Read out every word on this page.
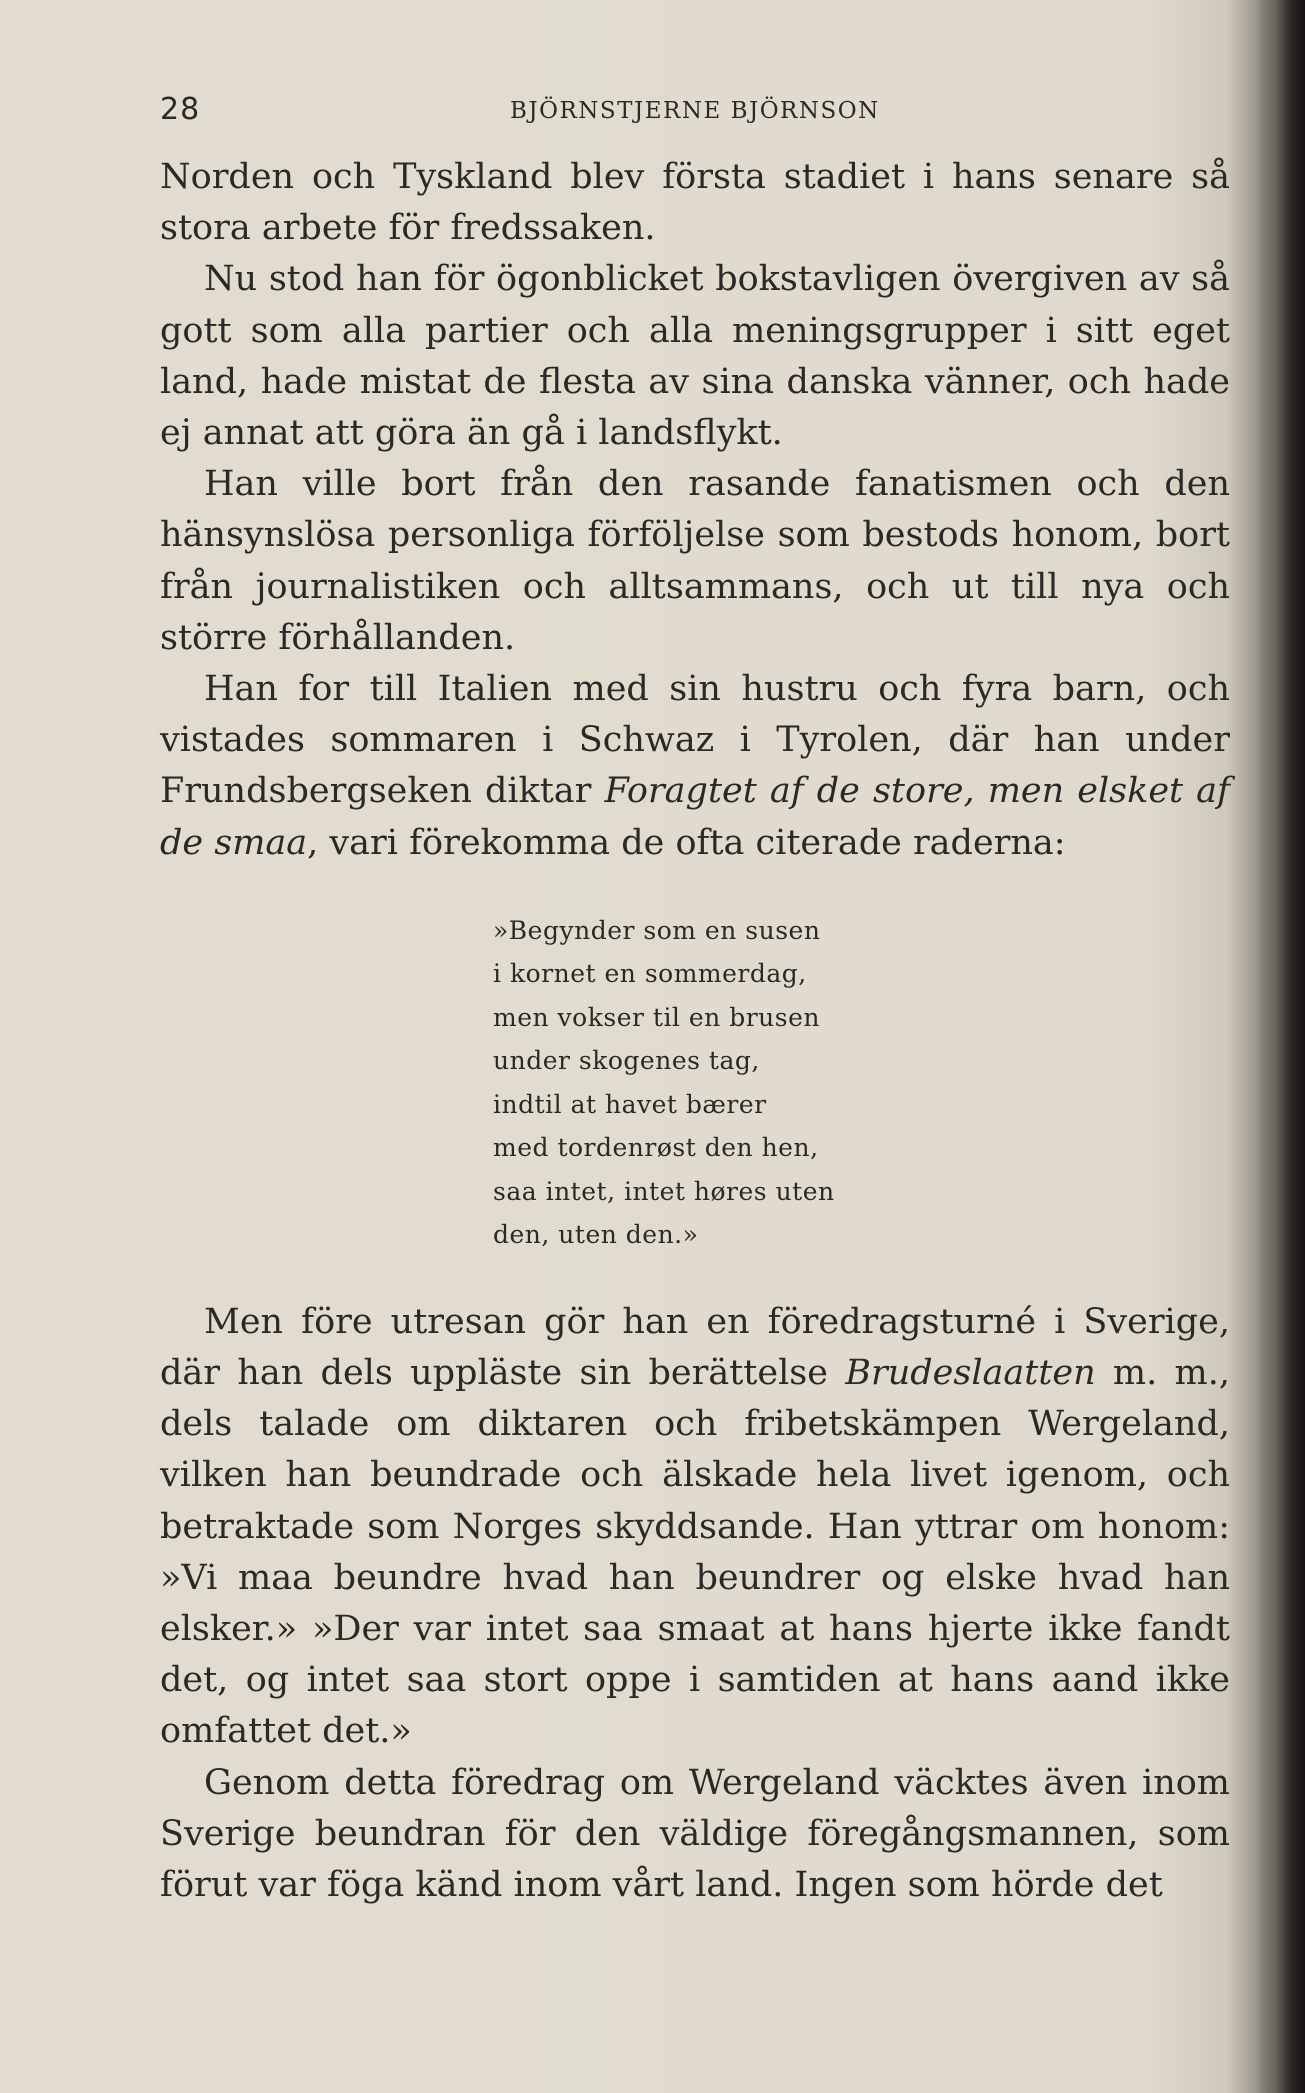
28	BJÖRNSTJERNE BJÖRNSON

Norden och Tyskland blev första stadiet i hans senare så stora arbete för fredssaken.

Nu stod han för ögonblicket bokstavligen övergiven av så gott som alla partier och alla meningsgrupper i sitt eget land, hade mistat de flesta av sina danska vänner, och hade ej annat att göra än gå i landsflykt.

Han ville bort från den rasande fanatismen och den hänsynslösa personliga förföljelse som bestods honom, bort från journalistiken och alltsammans, och ut till nya och större förhållanden.

Han for till Italien med sin hustru och fyra barn, och vistades sommaren i Schwaz i Tyrolen, där han under Frundsbergseken diktar Foragtet af de store, men elsket af de smaa, vari förekomma de ofta citerade raderna:

»Begynder som en susen
i kornet en sommerdag,
men vokser til en brusen
under skogenes tag,
indtil at havet bærer
med tordenrøst den hen,
saa intet, intet høres uten
den, uten den.»

Men före utresan gör han en föredragsturné i Sverige, där han dels uppläste sin berättelse Brudeslaatten m. m., dels talade om diktaren och fribetskämpen Wergeland, vilken han beundrade och älskade hela livet igenom, och betraktade som Norges skyddsande. Han yttrar om honom: »Vi maa beundre hvad han beundrer og elske hvad han elsker.» »Der var intet saa smaat at hans hjerte ikke fandt det, og intet saa stort oppe i samtiden at hans aand ikke omfattet det.»

Genom detta föredrag om Wergeland väcktes även inom Sverige beundran för den väldige föregångsmannen, som förut var föga känd inom vårt land. Ingen som hörde det
